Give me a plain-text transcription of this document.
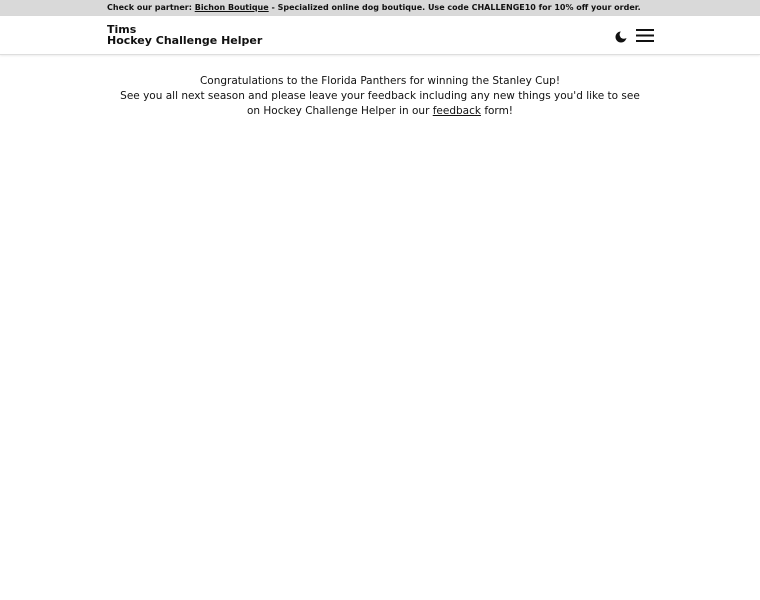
Check our partner: Bichon Boutique - Specialized online dog boutique. Use code CHALLENGE10 for 10% off your order.
Tims
Hockey Challenge Helper

Congratulations to the Florida Panthers for winning the Stanley Cup!

See you all next season and please leave your feedback including any new things you'd like to see on Hockey Challenge Helper in our feedback form!
